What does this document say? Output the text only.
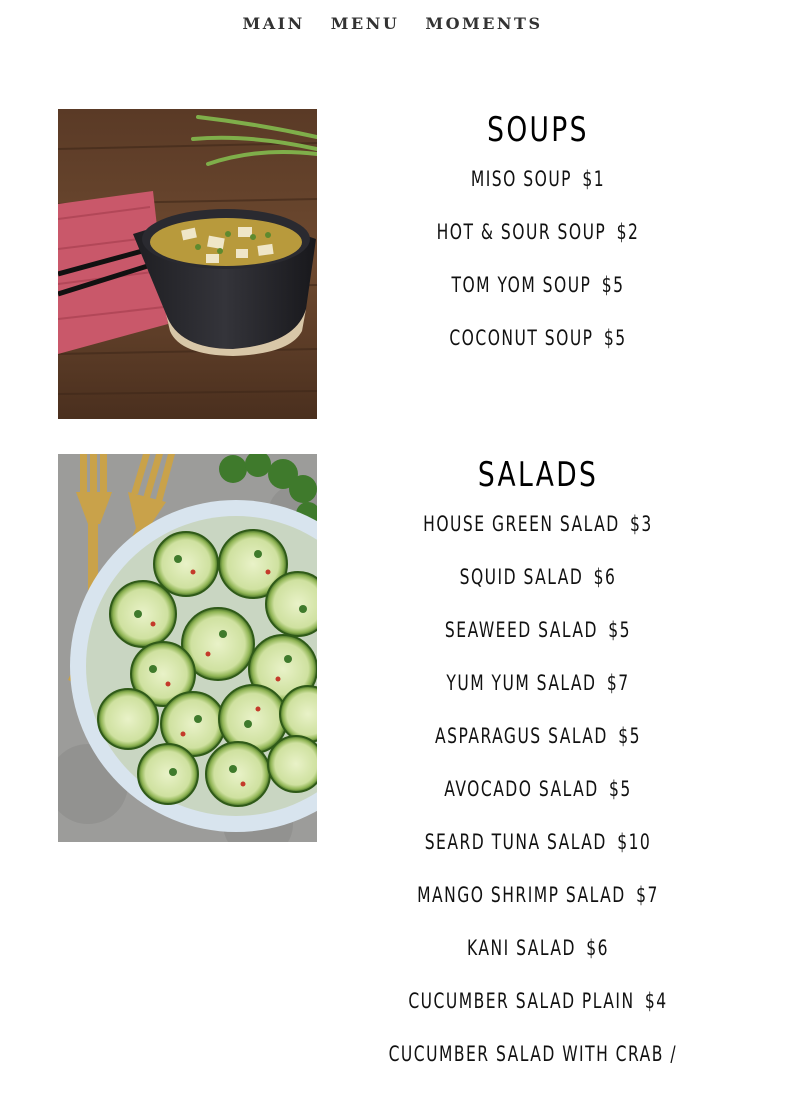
MAIN MENU MOMENTS
SOUPS
MISO SOUP $1
HOT & SOUR SOUP $2
TOM YOM SOUP $5
COCONUT SOUP $5
SALADS
HOUSE GREEN SALAD $3
SQUID SALAD $6
SEAWEED SALAD $5
YUM YUM SALAD $7
ASPARAGUS SALAD $5
AVOCADO SALAD $5
SEARD TUNA SALAD $10
MANGO SHRIMP SALAD $7
KANI SALAD $6
CUCUMBER SALAD PLAIN $4
CUCUMBER SALAD WITH CRAB /
